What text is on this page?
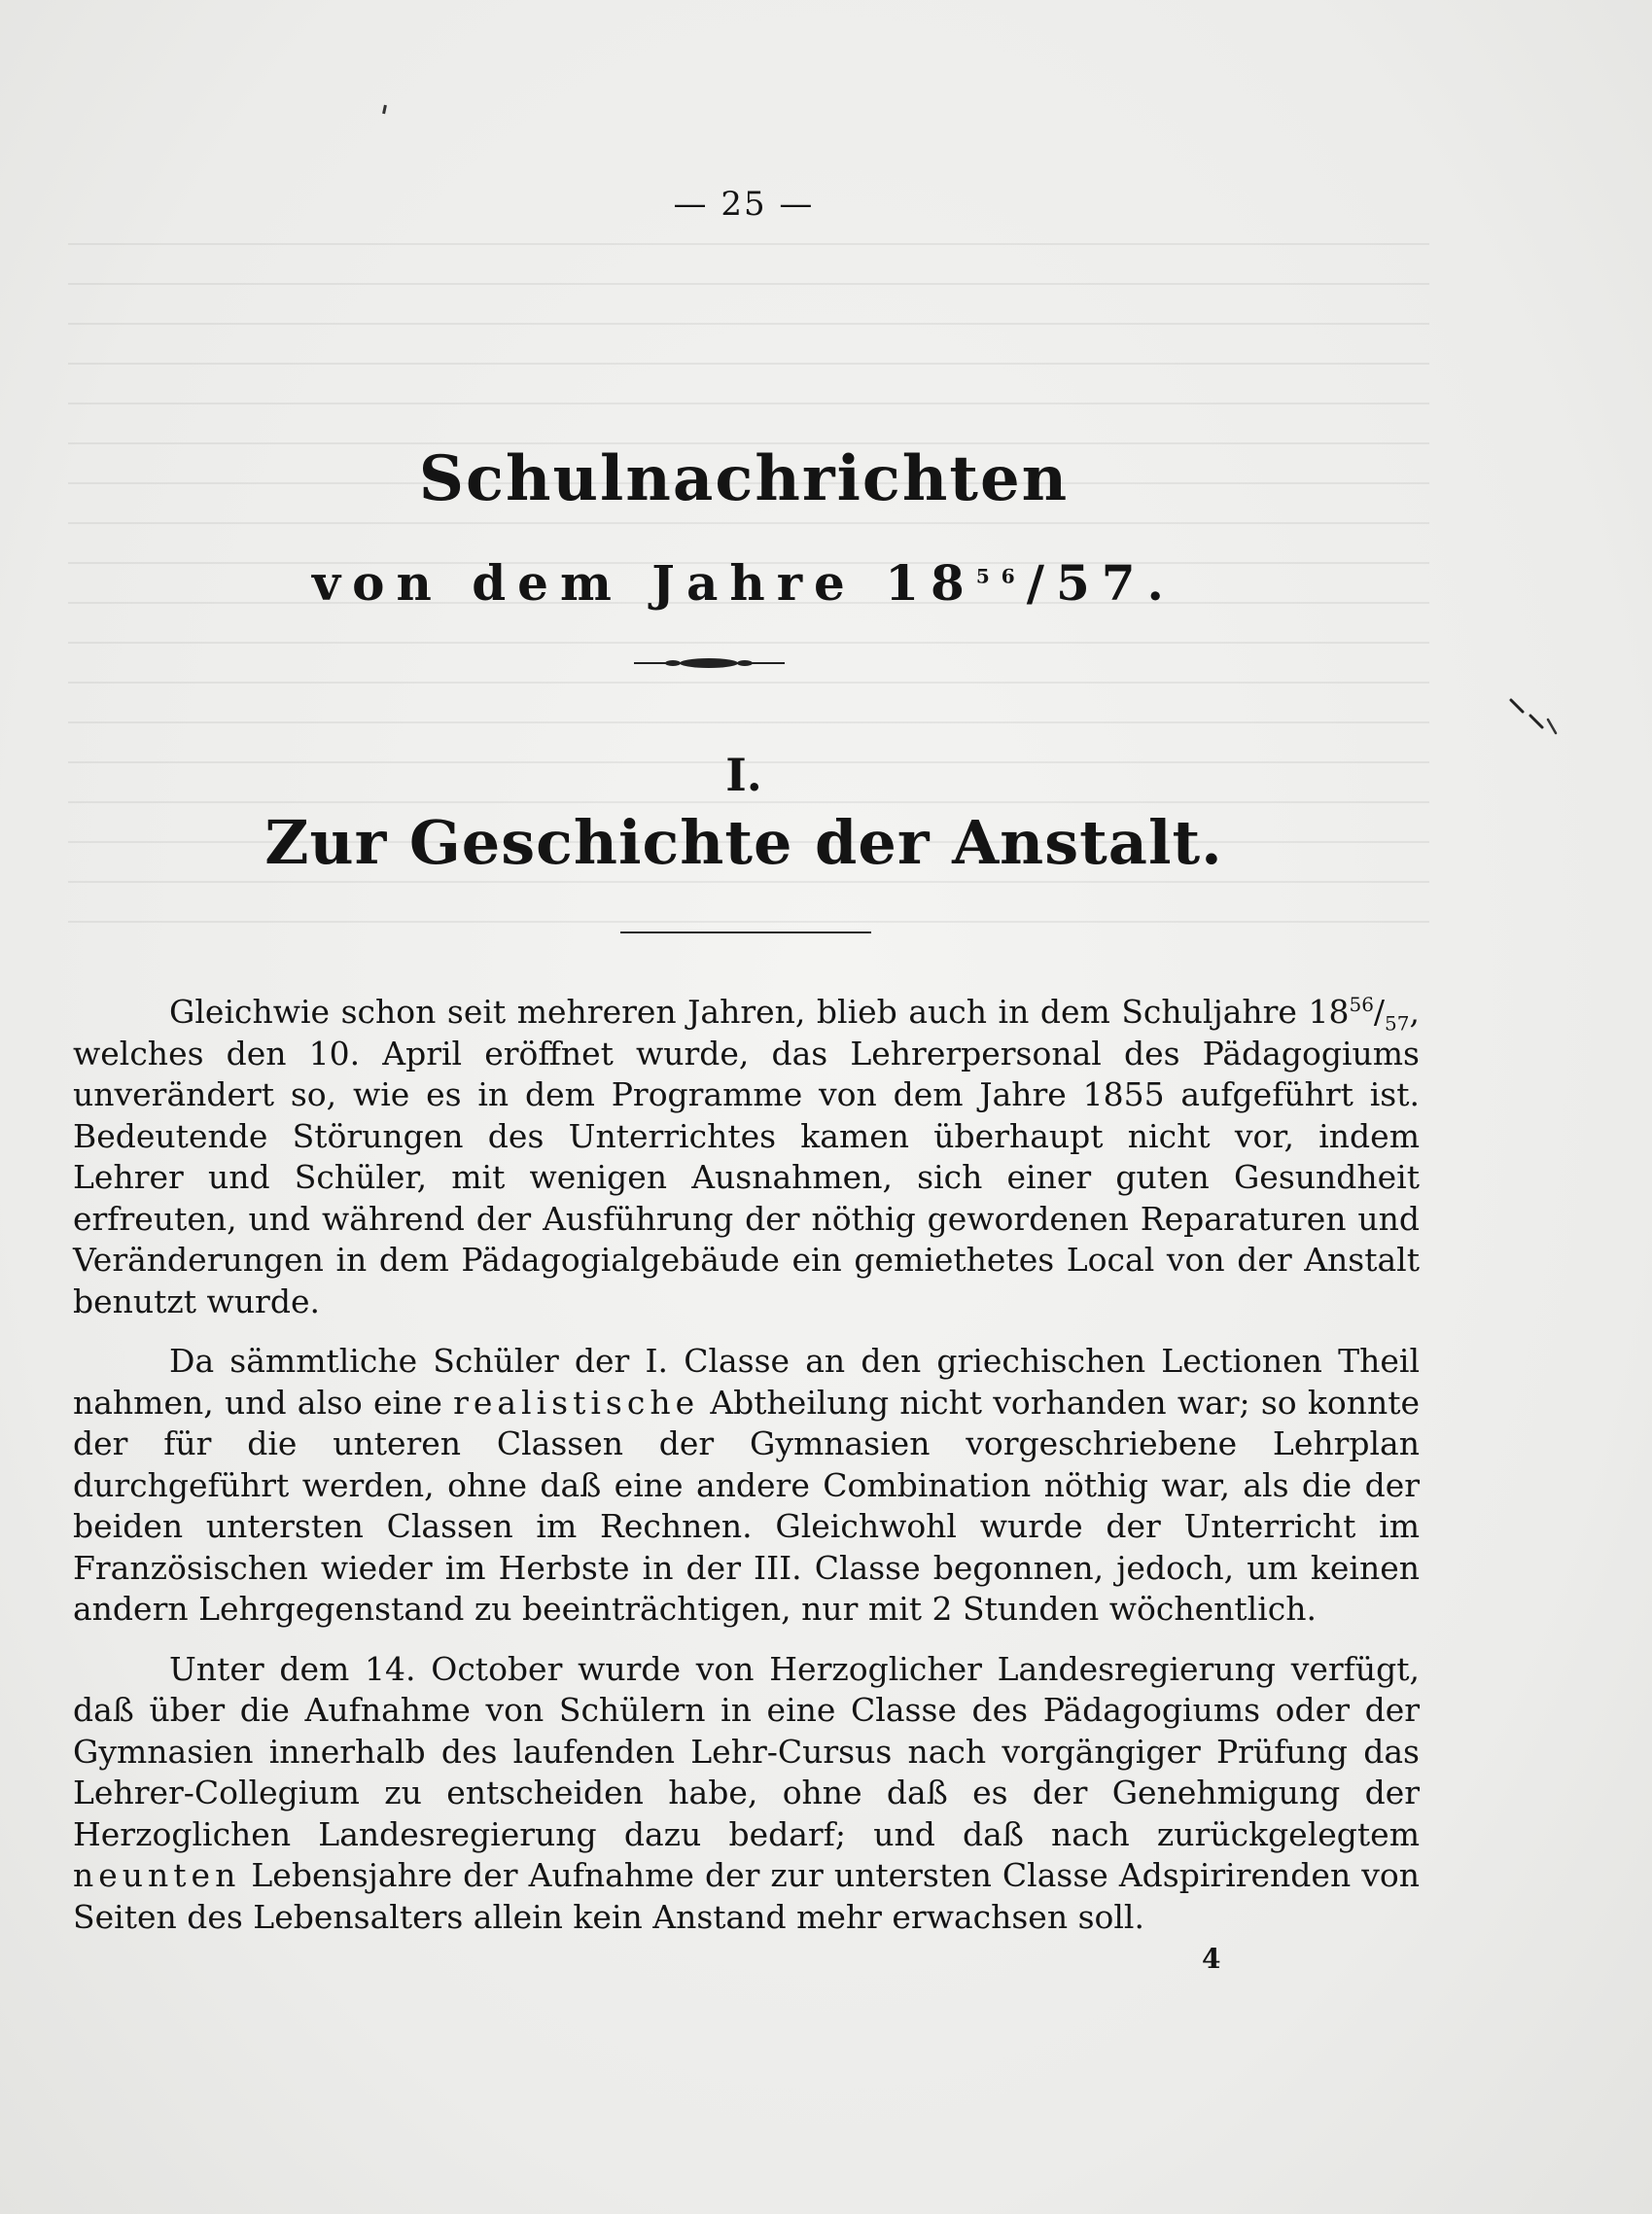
— 25 —
Schulnachrichten
von dem Jahre $18^{56}/57$.
I.
Zur Geschichte der Anstalt.

Gleichwie schon seit mehreren Jahren, blieb auch in dem Schuljahre $18^{56}/_{57}$, welches den 10. April eröffnet wurde, das Lehrerpersonal des Pädagogiums unverändert so, wie es in dem Programme von dem Jahre 1855 aufgeführt ist. Bedeutende Störungen des Unterrichtes kamen überhaupt nicht vor, indem Lehrer und Schüler, mit wenigen Ausnahmen, sich einer guten Gesundheit erfreuten, und während der Ausführung der nöthig gewordenen Reparaturen und Veränderungen in dem Pädagogialgebäude ein gemiethetes Local von der Anstalt benutzt wurde.

Da sämmtliche Schüler der I. Classe an den griechischen Lectionen Theil nahmen, und also eine realistische Abtheilung nicht vorhanden war; so konnte der für die unteren Classen der Gymnasien vorgeschriebene Lehrplan durchgeführt werden, ohne daß eine andere Combination nöthig war, als die der beiden untersten Classen im Rechnen. Gleichwohl wurde der Unterricht im Französischen wieder im Herbste in der III. Classe begonnen, jedoch, um keinen andern Lehrgegenstand zu beeinträchtigen, nur mit 2 Stunden wöchentlich.

Unter dem 14. October wurde von Herzoglicher Landesregierung verfügt, daß über die Aufnahme von Schülern in eine Classe des Pädagogiums oder der Gymnasien innerhalb des laufenden Lehr-Cursus nach vorgängiger Prüfung das Lehrer-Collegium zu entscheiden habe, ohne daß es der Genehmigung der Herzoglichen Landesregierung dazu bedarf; und daß nach zurückgelegtem neunten Lebensjahre der Aufnahme der zur untersten Classe Adspirirenden von Seiten des Lebensalters allein kein Anstand mehr erwachsen soll.

4
